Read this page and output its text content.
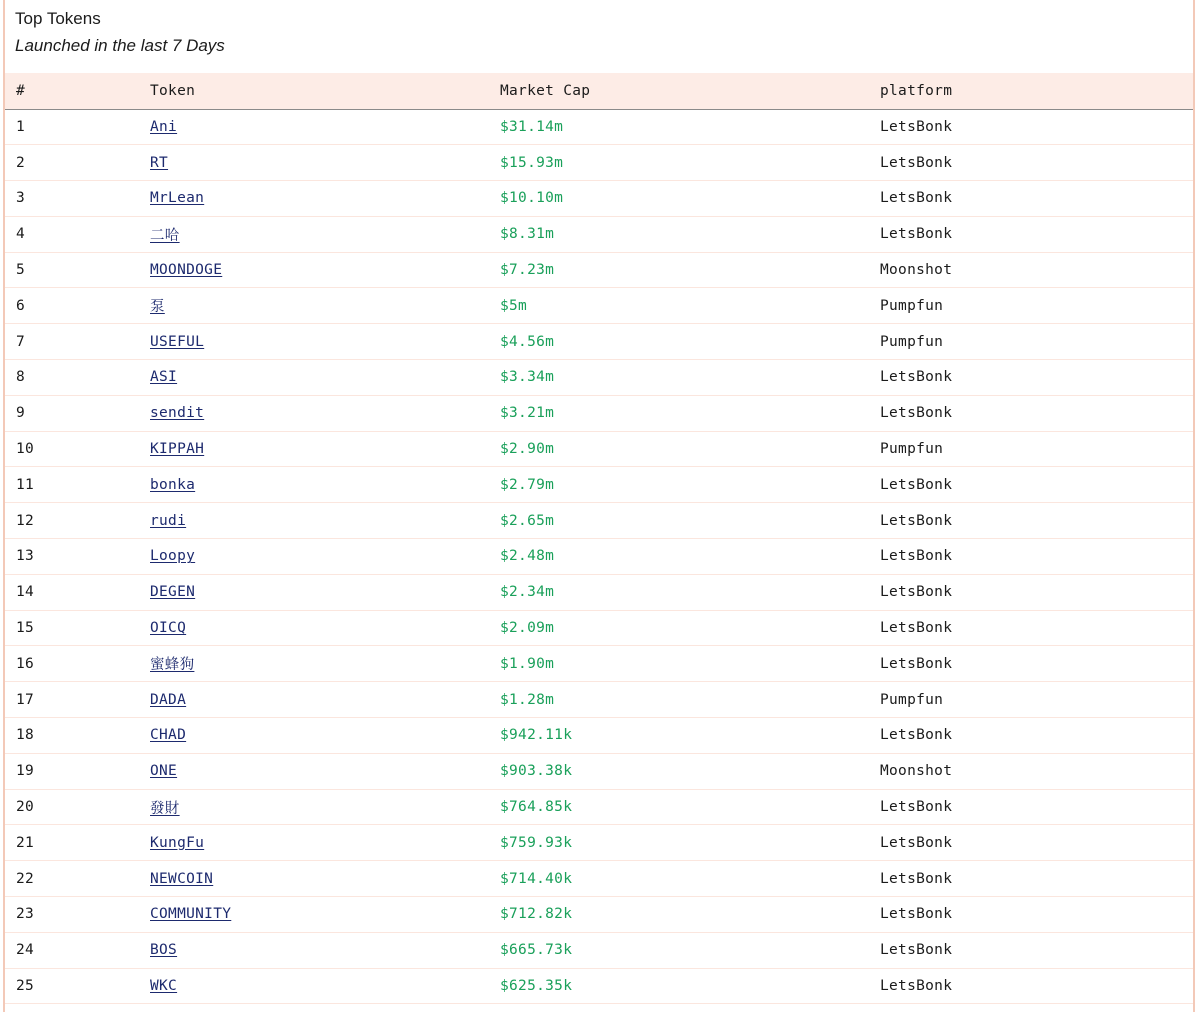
Top Tokens
Launched in the last 7 Days
#	Token	Market Cap	platform
1	Ani	$31.14m	LetsBonk
2	RT	$15.93m	LetsBonk
3	MrLean	$10.10m	LetsBonk
4	二哈	$8.31m	LetsBonk
5	MOONDOGE	$7.23m	Moonshot
6	泵	$5m	Pumpfun
7	USEFUL	$4.56m	Pumpfun
8	ASI	$3.34m	LetsBonk
9	sendit	$3.21m	LetsBonk
10	KIPPAH	$2.90m	Pumpfun
11	bonka	$2.79m	LetsBonk
12	rudi	$2.65m	LetsBonk
13	Loopy	$2.48m	LetsBonk
14	DEGEN	$2.34m	LetsBonk
15	OICQ	$2.09m	LetsBonk
16	蜜蜂狗	$1.90m	LetsBonk
17	DADA	$1.28m	Pumpfun
18	CHAD	$942.11k	LetsBonk
19	ONE	$903.38k	Moonshot
20	發財	$764.85k	LetsBonk
21	KungFu	$759.93k	LetsBonk
22	NEWCOIN	$714.40k	LetsBonk
23	COMMUNITY	$712.82k	LetsBonk
24	BOS	$665.73k	LetsBonk
25	WKC	$625.35k	LetsBonk
